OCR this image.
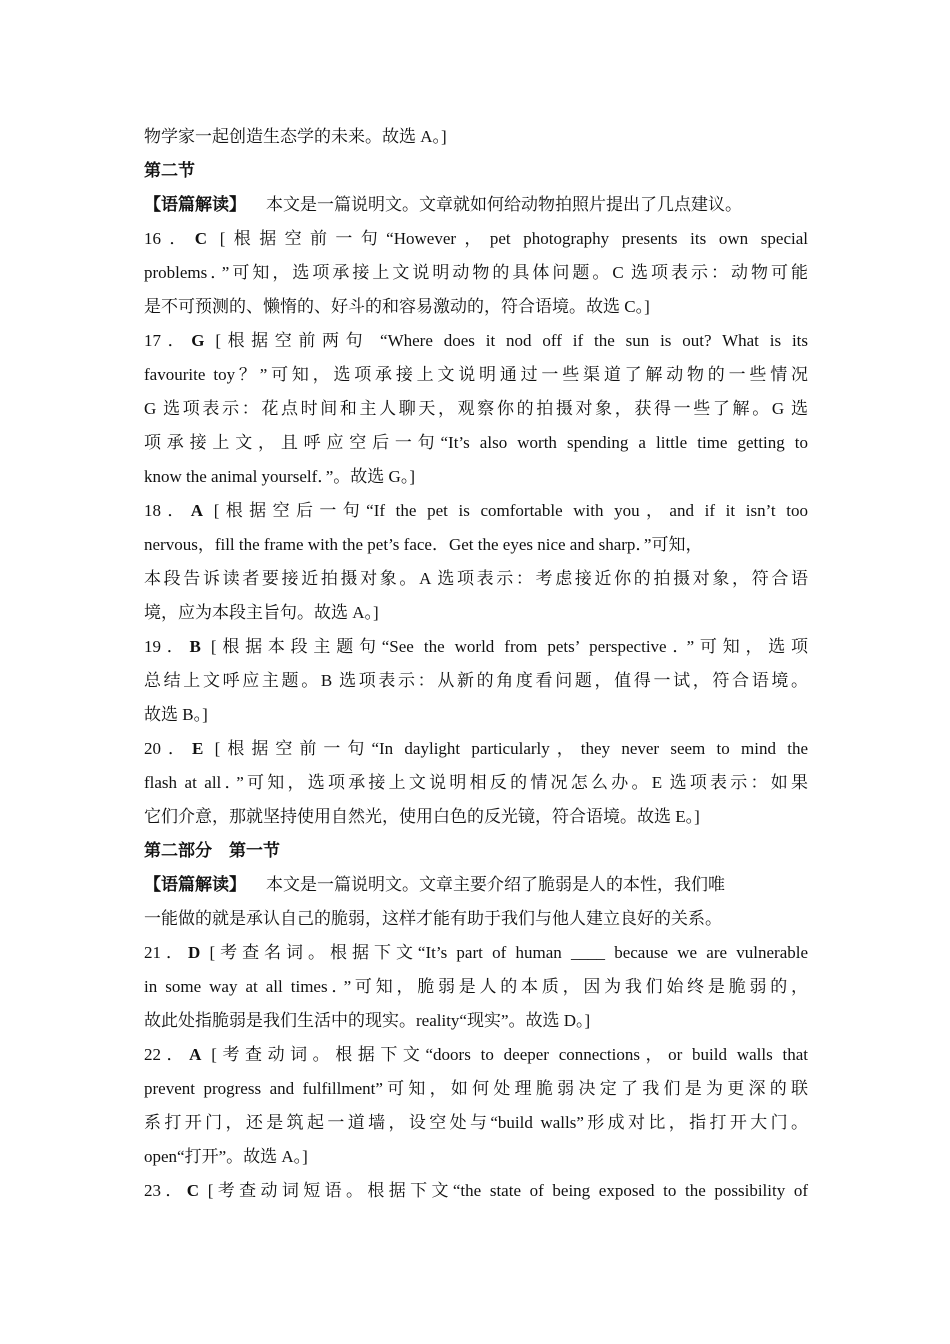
物学家一起创造生态学的未来。故选 A。]
第二节
【语篇解读】 本文是一篇说明文。文章就如何给动物拍照片提出了几点建议。
16．C [根据空前一句“However，pet photography presents its own special
problems．”可知，选项承接上文说明动物的具体问题。C 选项表示：动物可能
是不可预测的、懒惰的、好斗的和容易激动的，符合语境。故选 C。]
17．G [根据空前两句 “Where does it nod off if the sun is out? What is its
favourite toy？”可知，选项承接上文说明通过一些渠道了解动物的一些情况
G 选项表示：花点时间和主人聊天，观察你的拍摄对象，获得一些了解。G 选
项承接上文，且呼应空后一句“It’s also worth spending a little time getting to
know the animal yourself．”。故选 G。]
18．A [根据空后一句“If the pet is comfortable with you，and if it isn’t too
nervous，fill the frame with the pet’s face．Get the eyes nice and sharp．”可知，
本段告诉读者要接近拍摄对象。A 选项表示：考虑接近你的拍摄对象，符合语
境，应为本段主旨句。故选 A。]
19．B [根据本段主题句“See the world from pets’ perspective．”可知，选项
总结上文呼应主题。B 选项表示：从新的角度看问题，值得一试，符合语境。
故选 B。]
20．E [根据空前一句“In daylight particularly，they never seem to mind the
flash at all．”可知，选项承接上文说明相反的情况怎么办。E 选项表示：如果
它们介意，那就坚持使用自然光，使用白色的反光镜，符合语境。故选 E。]
第二部分　第一节
【语篇解读】 本文是一篇说明文。文章主要介绍了脆弱是人的本性，我们唯
一能做的就是承认自己的脆弱，这样才能有助于我们与他人建立良好的关系。
21．D [考查名词。根据下文“It’s part of human ____ because we are vulnerable
in some way at all times．”可知，脆弱是人的本质，因为我们始终是脆弱的，
故此处指脆弱是我们生活中的现实。reality“现实”。故选 D。]
22．A [考查动词。根据下文“doors to deeper connections，or build walls that
prevent progress and fulfillment”可知，如何处理脆弱决定了我们是为更深的联
系打开门，还是筑起一道墙，设空处与“build walls”形成对比，指打开大门。
open“打开”。故选 A。]
23．C [考查动词短语。根据下文“the state of being exposed to the possibility of
